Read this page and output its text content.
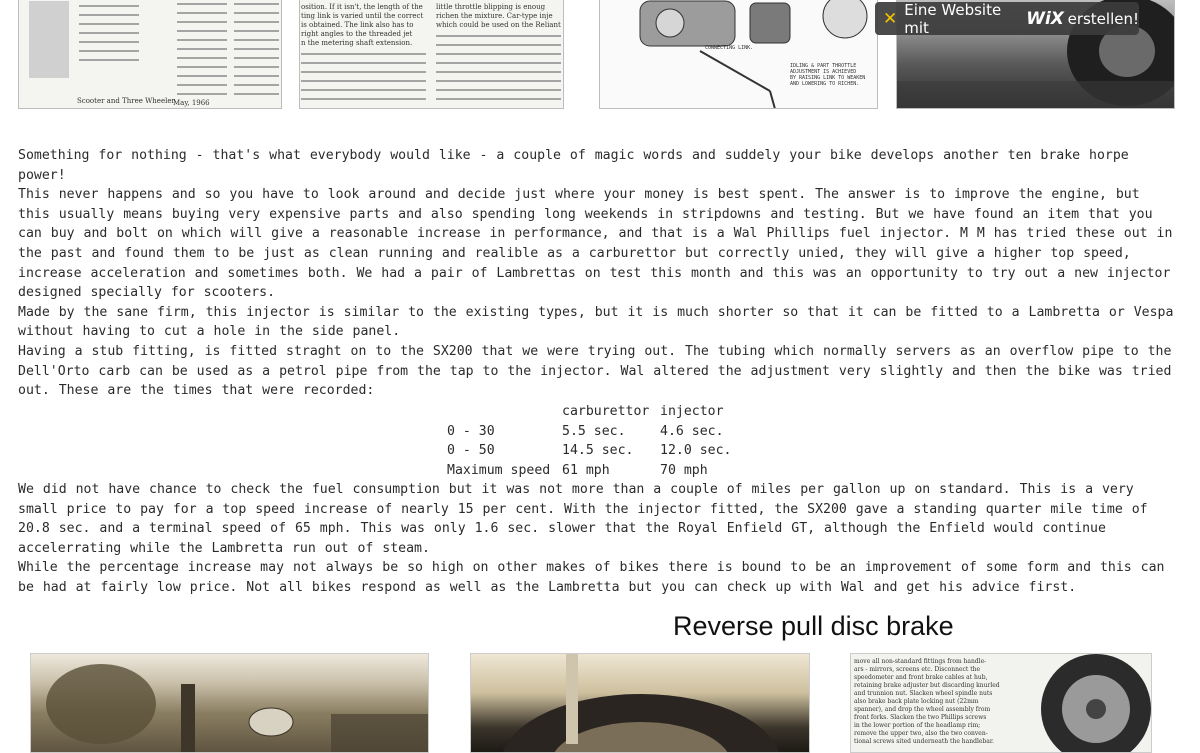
Scooter and Three Wheeler
May, 1966
osition. If it isn't, the length of the
ting link is varied until the correct
is obtained. The link also has to
right angles to the threaded jet
n the metering shaft extension.
little throttle blipping is enoug
richen the mixture. Car-type inje
which could be used on the Reliant
CONNECTING LINK.
IDLING & PART THROTTLE
ADJUSTMENT IS ACHIEVED
BY RAISING LINK TO WEAKEN
AND LOWERING TO RICHEN.
✕ Eine Website mit	WiX erstellen!

Something for nothing - that's what everybody would like - a couple of magic words and suddely your bike develops another ten brake horpe power!

This never happens and so you have to look around and decide just where your money is best spent. The answer is to improve the engine, but this usually means buying very expensive parts and also spending long weekends in stripdowns and testing. But we have found an item that you can buy and bolt on which will give a reasonable increase in performance, and that is a Wal Phillips fuel injector. M M has tried these out in the past and found them to be just as clean running and realible as a carburettor but correctly unied, they will give a higher top speed, increase acceleration and sometimes both. We had a pair of Lambrettas on test this month and this was an opportunity to try out a new injector designed specially for scooters.

Made by the sane firm, this injector is similar to the existing types, but it is much shorter so that it can be fitted to a Lambretta or Vespa without having to cut a hole in the side panel.

Having a stub fitting, is fitted straght on to the SX200 that we were trying out. The tubing which normally servers as an overflow pipe to the Dell'Orto carb can be used as a petrol pipe from the tap to the injector. Wal altered the adjustment very slightly and then the bike was tried out. These are the times that were recorded:

	carburettor	injector
0 - 30	5.5 sec.	4.6 sec.
0 - 50	14.5 sec.	12.0 sec.
Maximum speed	61 mph	70 mph

We did not have chance to check the fuel consumption but it was not more than a couple of miles per gallon up on standard. This is a very small price to pay for a top speed increase of nearly 15 per cent. With the injector fitted, the SX200 gave a standing quarter mile time of 20.8 sec. and a terminal speed of 65 mph. This was only 1.6 sec. slower that the Royal Enfield GT, although the Enfield would continue accelerrating while the Lambretta run out of steam.

While the percentage increase may not always be so high on other makes of bikes there is bound to be an improvement of some form and this can be had at fairly low price. Not all bikes respond as well as the Lambretta but you can check up with Wal and get his advice first.

Reverse pull disc brake
move all non-standard fittings from handle-
ars - mirrors, screens etc. Disconnect the
speedometer and front brake cables at hub,
retaining brake adjuster but discarding knurled
and trunnion nut. Slacken wheel spindle nuts
also brake back plate locking nut (22mm
spanner), and drop the wheel assembly from
front forks. Slacken the two Phillips screws
in the lower portion of the headlamp rim;
remove the upper two, also the two conven-
tional screws sited underneath the handlebar.
